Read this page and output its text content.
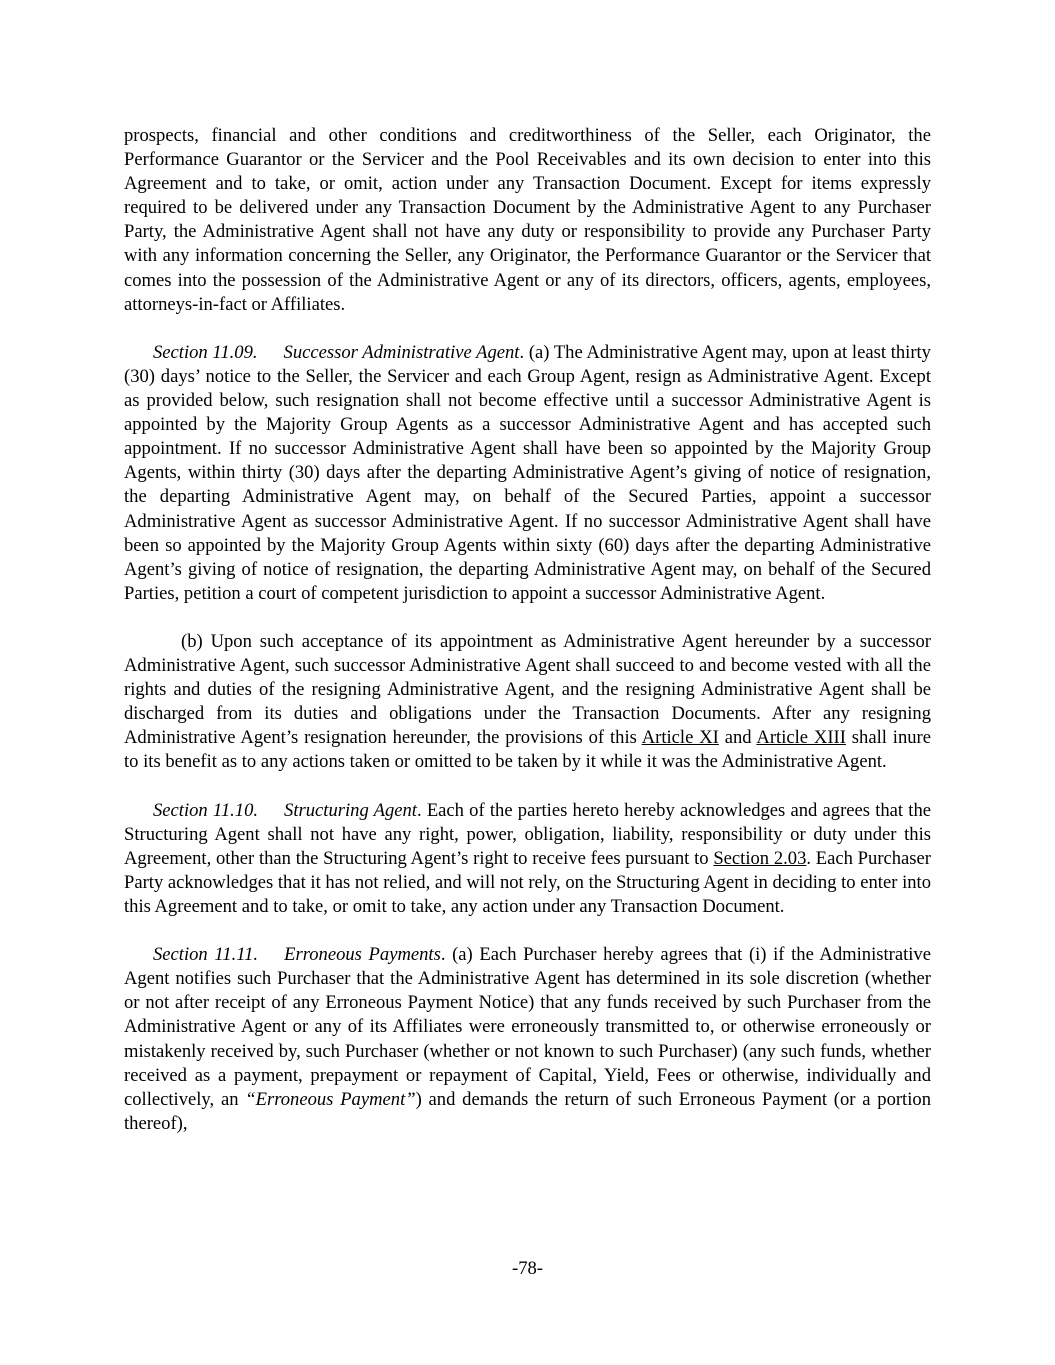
prospects, financial and other conditions and creditworthiness of the Seller, each Originator, the Performance Guarantor or the Servicer and the Pool Receivables and its own decision to enter into this Agreement and to take, or omit, action under any Transaction Document. Except for items expressly required to be delivered under any Transaction Document by the Administrative Agent to any Purchaser Party, the Administrative Agent shall not have any duty or responsibility to provide any Purchaser Party with any information concerning the Seller, any Originator, the Performance Guarantor or the Servicer that comes into the possession of the Administrative Agent or any of its directors, officers, agents, employees, attorneys-in-fact or Affiliates.

Section 11.09. Successor Administrative Agent. (a) The Administrative Agent may, upon at least thirty (30) days’ notice to the Seller, the Servicer and each Group Agent, resign as Administrative Agent. Except as provided below, such resignation shall not become effective until a successor Administrative Agent is appointed by the Majority Group Agents as a successor Administrative Agent and has accepted such appointment. If no successor Administrative Agent shall have been so appointed by the Majority Group Agents, within thirty (30) days after the departing Administrative Agent’s giving of notice of resignation, the departing Administrative Agent may, on behalf of the Secured Parties, appoint a successor Administrative Agent as successor Administrative Agent. If no successor Administrative Agent shall have been so appointed by the Majority Group Agents within sixty (60) days after the departing Administrative Agent’s giving of notice of resignation, the departing Administrative Agent may, on behalf of the Secured Parties, petition a court of competent jurisdiction to appoint a successor Administrative Agent.

(b) Upon such acceptance of its appointment as Administrative Agent hereunder by a successor Administrative Agent, such successor Administrative Agent shall succeed to and become vested with all the rights and duties of the resigning Administrative Agent, and the resigning Administrative Agent shall be discharged from its duties and obligations under the Transaction Documents. After any resigning Administrative Agent’s resignation hereunder, the provisions of this Article XI and Article XIII shall inure to its benefit as to any actions taken or omitted to be taken by it while it was the Administrative Agent.

Section 11.10. Structuring Agent. Each of the parties hereto hereby acknowledges and agrees that the Structuring Agent shall not have any right, power, obligation, liability, responsibility or duty under this Agreement, other than the Structuring Agent’s right to receive fees pursuant to Section 2.03. Each Purchaser Party acknowledges that it has not relied, and will not rely, on the Structuring Agent in deciding to enter into this Agreement and to take, or omit to take, any action under any Transaction Document.

Section 11.11. Erroneous Payments. (a) Each Purchaser hereby agrees that (i) if the Administrative Agent notifies such Purchaser that the Administrative Agent has determined in its sole discretion (whether or not after receipt of any Erroneous Payment Notice) that any funds received by such Purchaser from the Administrative Agent or any of its Affiliates were erroneously transmitted to, or otherwise erroneously or mistakenly received by, such Purchaser (whether or not known to such Purchaser) (any such funds, whether received as a payment, prepayment or repayment of Capital, Yield, Fees or otherwise, individually and collectively, an “Erroneous Payment”) and demands the return of such Erroneous Payment (or a portion thereof),

-78-
